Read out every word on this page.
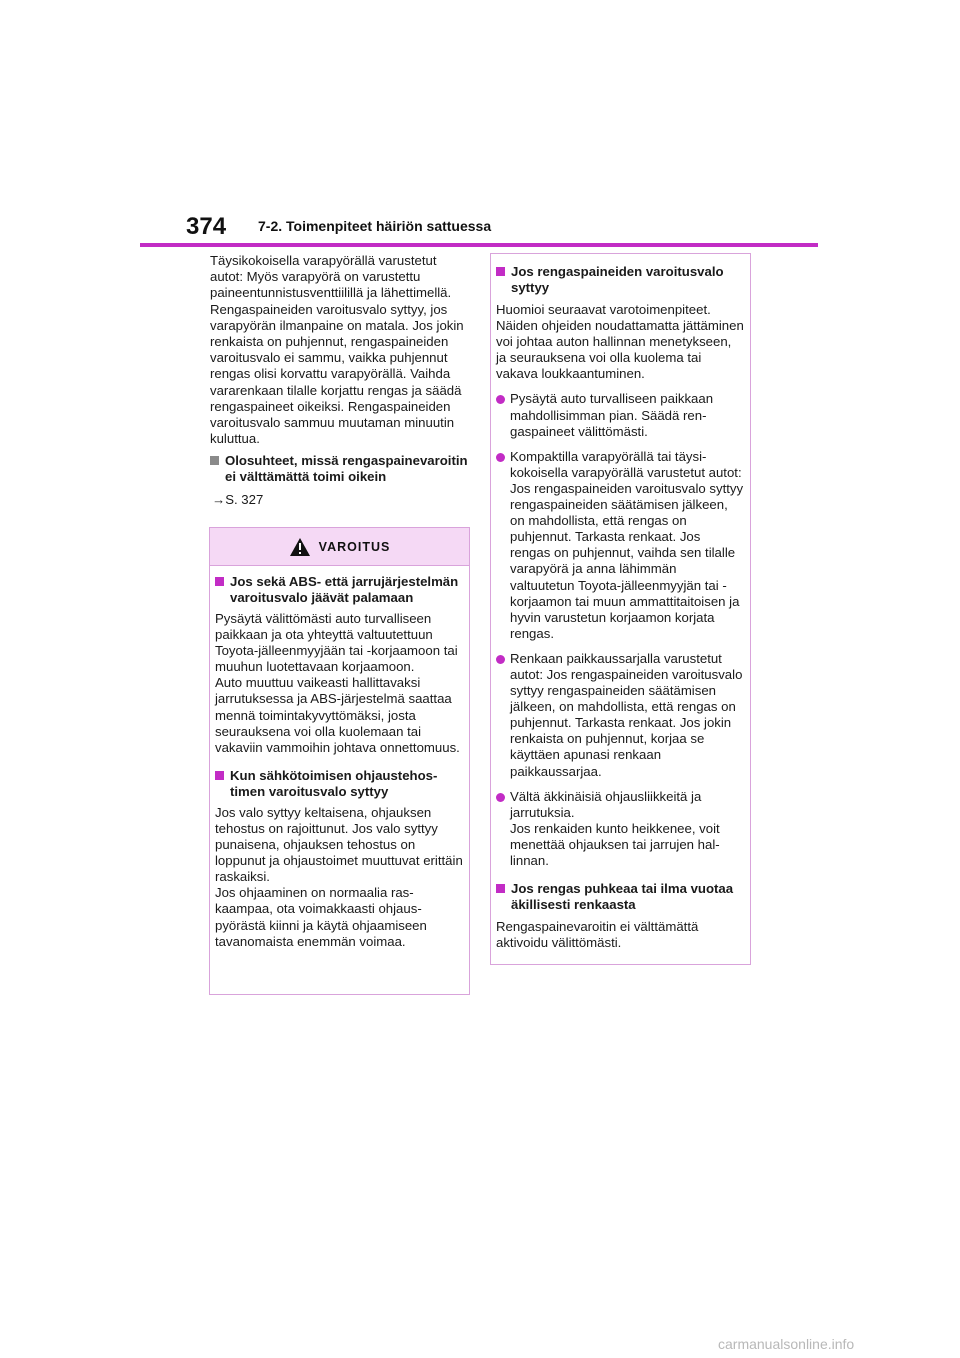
374 7-2. Toimenpiteet häiriön sattuessa

Täysikokoisella varapyörällä varustetut autot: Myös varapyörä on varustettu paineentunnistusventtiilillä ja lähettimellä. Rengaspaineiden varoitusvalo syttyy, jos varapyörän ilmanpaine on matala. Jos jokin renkaista on puhjennut, rengaspaineiden varoitusvalo ei sammu, vaikka puhjennut rengas olisi korvattu varapyörällä. Vaihda vararenkaan tilalle korjattu rengas ja säädä rengaspaineet oikeiksi. Rengaspaineiden varoitusvalo sammuu muutaman minuutin kuluttua.

Olosuhteet, missä rengaspainevaroitin ei välttämättä toimi oikein

→S. 327

VAROITUS
Jos sekä ABS- että jarrujärjestelmän varoitusvalo jäävät palamaan

Pysäytä välittömästi auto turvalliseen paikkaan ja ota yhteyttä valtuutettuun Toyota-jälleenmyyjään tai -korjaamoon tai muuhun luotettavaan korjaamoon.

Auto muuttuu vaikeasti hallittavaksi jarrutuksessa ja ABS-järjestelmä saattaa mennä toimintakyvyttömäksi, josta seurauksena voi olla kuolemaan tai vakaviin vammoihin johtava onnettomuus.

Kun sähkötoimisen ohjaustehostimen varoitusvalo syttyy

Jos valo syttyy keltaisena, ohjauksen tehostus on rajoittunut. Jos valo syttyy punaisena, ohjauksen tehostus on loppunut ja ohjaustoimet muuttuvat erittäin raskaiksi.

Jos ohjaaminen on normaalia raskaampaa, ota voimakkaasti ohjauspyörästä kiinni ja käytä ohjaamiseen tavanomaista enemmän voimaa.

Jos rengaspaineiden varoitusvalo syttyy

Huomioi seuraavat varotoimenpiteet. Näiden ohjeiden noudattamatta jättäminen voi johtaa auton hallinnan menetykseen, ja seurauksena voi olla kuolema tai vakava loukkaantuminen.

Pysäytä auto turvalliseen paikkaan mahdollisimman pian. Säädä rengaspaineet välittömästi.
Kompaktilla varapyörällä tai täysikokoisella varapyörällä varustetut autot: Jos rengaspaineiden varoitusvalo syttyy rengaspaineiden säätämisen jälkeen, on mahdollista, että rengas on puhjennut. Tarkasta renkaat. Jos rengas on puhjennut, vaihda sen tilalle varapyörä ja anna lähimmän valtuutetun Toyota-jälleenmyyjän tai -korjaamon tai muun ammattitaitoisen ja hyvin varustetun korjaamon korjata rengas.
Renkaan paikkaussarjalla varustetut autot: Jos rengaspaineiden varoitusvalo syttyy rengaspaineiden säätämisen jälkeen, on mahdollista, että rengas on puhjennut. Tarkasta renkaat. Jos jokin renkaista on puhjennut, korjaa se käyttäen apunasi renkaan paikkaussarjaa.
Vältä äkkinäisiä ohjausliikkeitä ja jarrutuksia.
Jos renkaiden kunto heikkenee, voit menettää ohjauksen tai jarrujen hallinnan.
Jos rengas puhkeaa tai ilma vuotaa äkillisesti renkaasta

Rengaspainevaroitin ei välttämättä aktivoidu välittömästi.

carmanualsonline.info
